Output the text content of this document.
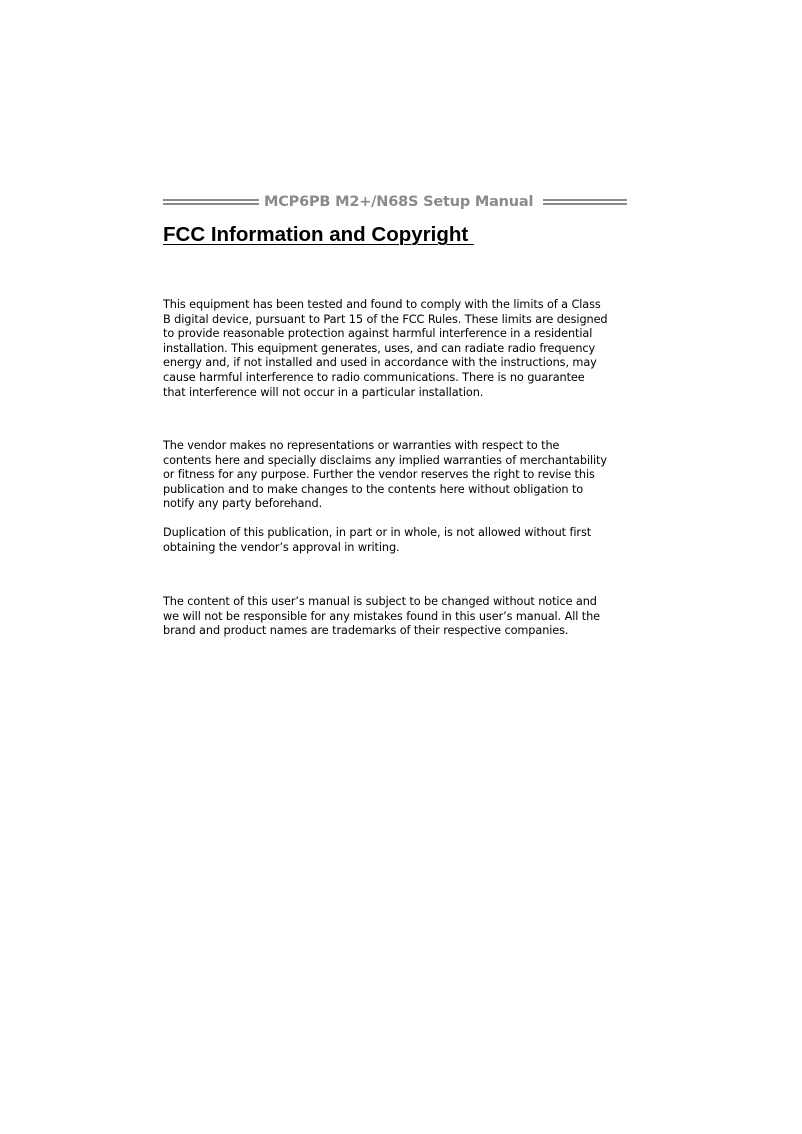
MCP6PB M2+/N68S Setup Manual
FCC Information and Copyright

This equipment has been tested and found to comply with the limits of a Class
B digital device, pursuant to Part 15 of the FCC Rules. These limits are designed
to provide reasonable protection against harmful interference in a residential
installation. This equipment generates, uses, and can radiate radio frequency
energy and, if not installed and used in accordance with the instructions, may
cause harmful interference to radio communications. There is no guarantee
that interference will not occur in a particular installation.

The vendor makes no representations or warranties with respect to the
contents here and specially disclaims any implied warranties of merchantability
or fitness for any purpose. Further the vendor reserves the right to revise this
publication and to make changes to the contents here without obligation to
notify any party beforehand.

Duplication of this publication, in part or in whole, is not allowed without first
obtaining the vendor’s approval in writing.

The content of this user’s manual is subject to be changed without notice and
we will not be responsible for any mistakes found in this user’s manual. All the
brand and product names are trademarks of their respective companies.
